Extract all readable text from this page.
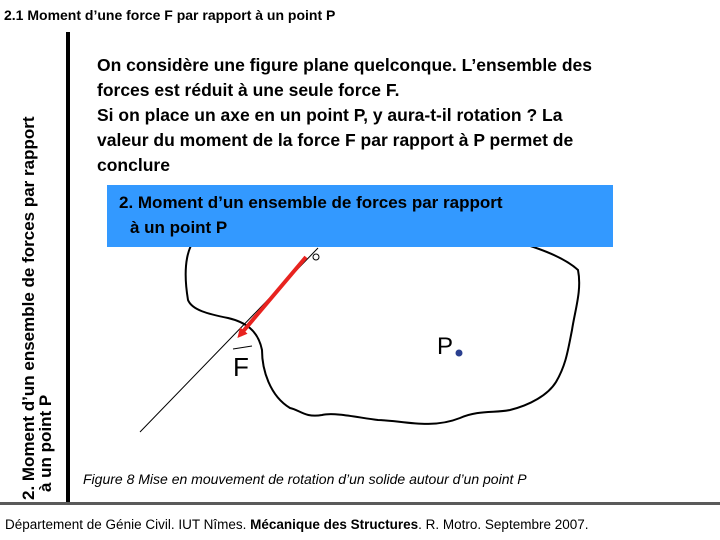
2.1 Moment d’une force F par rapport à un point P
2. Moment d’un ensemble de forces par rapport
à un point P
On considère une figure plane quelconque. L’ensemble des
forces est réduit à une seule force F.
Si on place un axe en un point P, y aura-t-il rotation ? La
valeur du moment de la force F par rapport à P permet de
conclure
F
P
2. Moment d’un ensemble de forces par rapport
à un point P
Figure 8 Mise en mouvement de rotation d’un solide autour d’un point P
Département de Génie Civil. IUT Nîmes. Mécanique des Structures. R. Motro. Septembre 2007.
